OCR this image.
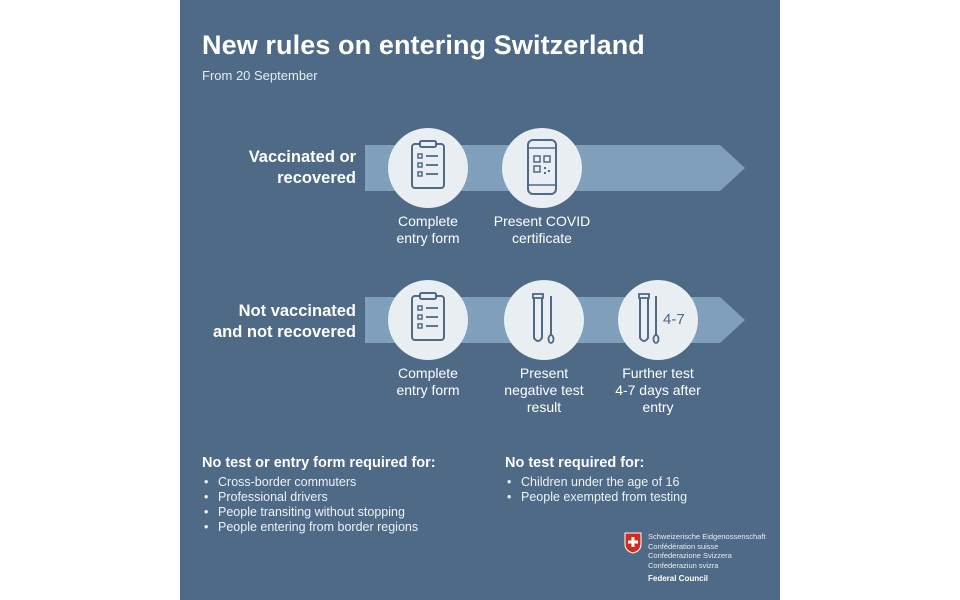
New rules on entering Switzerland
From 20 September
Vaccinated or
recovered
Complete
entry form
Present COVID
certificate
Not vaccinated
and not recovered
Complete
entry form
Present
negative test
result
4-7
Further test
4-7 days after
entry
No test or entry form required for:
• Cross-border commuters
• Professional drivers
• People transiting without stopping
• People entering from border regions
No test required for:
• Children under the age of 16
• People exempted from testing
Schweizerische Eidgenossenschaft
Confédération suisse
Confederazione Svizzera
Confederaziun svizra
Federal Council
